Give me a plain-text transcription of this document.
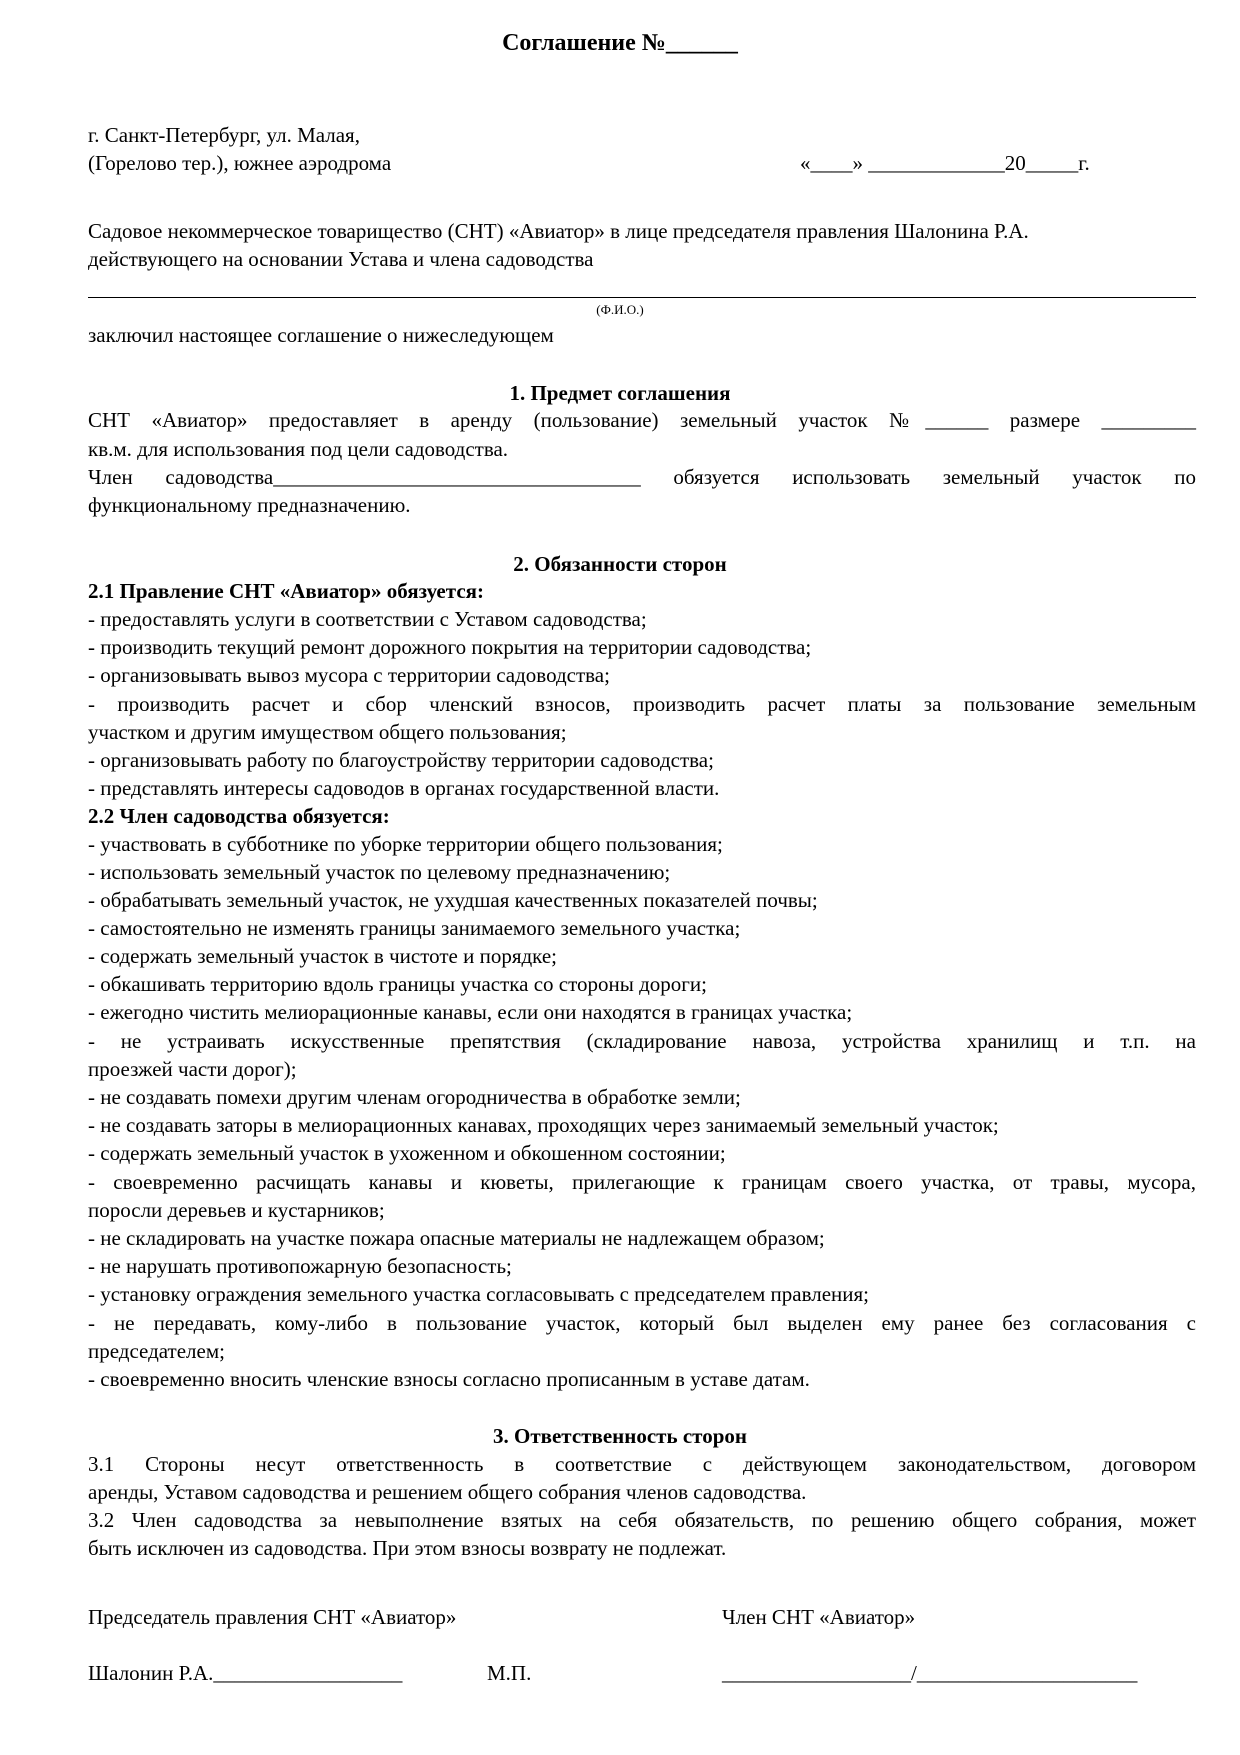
Соглашение №______
г. Санкт-Петербург, ул. Малая,
(Горелово тер.), южнее аэродрома	«____» _____________20_____г.
Садовое некоммерческое товарищество (СНТ) «Авиатор» в лице председателя правления Шалонина Р.А.
действующего на основании Устава и члена садоводства
(Ф.И.О.)
заключил настоящее соглашение о нижеследующем
1. Предмет соглашения
СНТ «Авиатор» предоставляет в аренду (пользование) земельный участок №______ размере _________
кв.м. для использования под цели садоводства.
Член садоводства___________________________________ обязуется использовать земельный участок по
функциональному предназначению.
2. Обязанности сторон
2.1 Правление СНТ «Авиатор» обязуется:
- предоставлять услуги в соответствии с Уставом садоводства;
- производить текущий ремонт дорожного покрытия на территории садоводства;
- организовывать вывоз мусора с территории садоводства;
- производить расчет и сбор членский взносов, производить расчет платы за пользование земельным
участком и другим имуществом общего пользования;
- организовывать работу по благоустройству территории садоводства;
- представлять интересы садоводов в органах государственной власти.
2.2 Член садоводства обязуется:
- участвовать в субботнике по уборке территории общего пользования;
- использовать земельный участок по целевому предназначению;
- обрабатывать земельный участок, не ухудшая качественных показателей почвы;
- самостоятельно не изменять границы занимаемого земельного участка;
- содержать земельный участок в чистоте и порядке;
- обкашивать территорию вдоль границы участка со стороны дороги;
- ежегодно чистить мелиорационные канавы, если они находятся в границах участка;
- не устраивать искусственные препятствия (складирование навоза, устройства хранилищ и т.п. на
проезжей части дорог);
- не создавать помехи другим членам огородничества в обработке земли;
- не создавать заторы в мелиорационных канавах, проходящих через занимаемый земельный участок;
- содержать земельный участок в ухоженном и обкошенном состоянии;
- своевременно расчищать канавы и кюветы, прилегающие к границам своего участка, от травы, мусора,
поросли деревьев и кустарников;
- не складировать на участке пожара опасные материалы не надлежащем образом;
- не нарушать противопожарную безопасность;
- установку ограждения земельного участка согласовывать с председателем правления;
- не передавать, кому-либо в пользование участок, который был выделен ему ранее без согласования с
председателем;
- своевременно вносить членские взносы согласно прописанным в уставе датам.
3. Ответственность сторон
3.1 Стороны несут ответственность в соответствие с действующем законодательством, договором
аренды, Уставом садоводства и решением общего собрания членов садоводства.
3.2 Член садоводства за невыполнение взятых на себя обязательств, по решению общего собрания, может
быть исключен из садоводства. При этом взносы возврату не подлежат.
Председатель правления СНТ «Авиатор»	Член СНТ «Авиатор»
Шалонин Р.А.__________________	М.П.	__________________/_____________________
